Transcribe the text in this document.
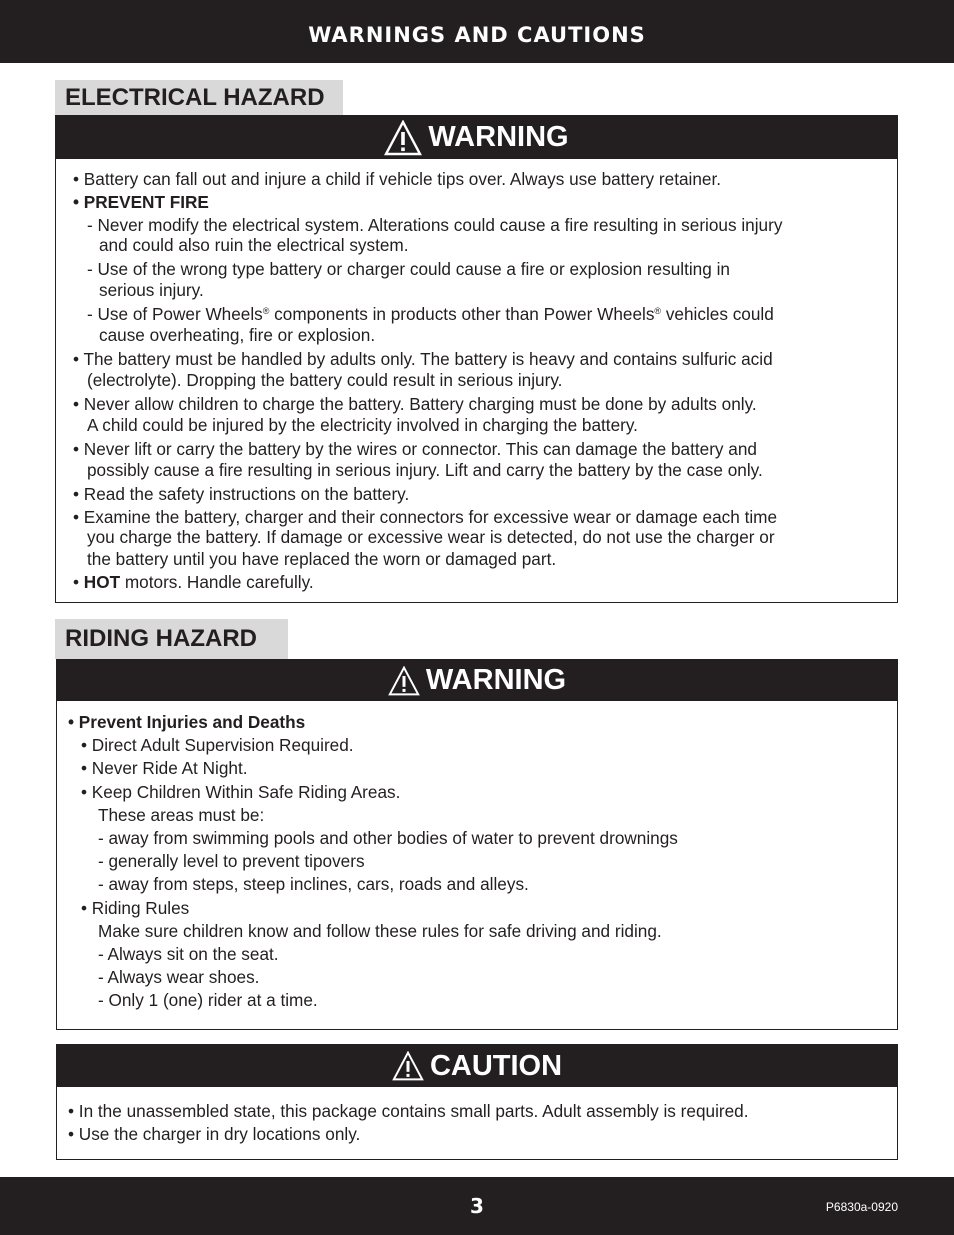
WARNINGS AND CAUTIONS
ELECTRICAL HAZARD
WARNING
• Battery can fall out and injure a child if vehicle tips over. Always use battery retainer.
• PREVENT FIRE
- Never modify the electrical system. Alterations could cause a fire resulting in serious injury
and could also ruin the electrical system.
- Use of the wrong type battery or charger could cause a fire or explosion resulting in
serious injury.
- Use of Power Wheels® components in products other than Power Wheels® vehicles could
cause overheating, fire or explosion.
• The battery must be handled by adults only. The battery is heavy and contains sulfuric acid
(electrolyte). Dropping the battery could result in serious injury.
• Never allow children to charge the battery. Battery charging must be done by adults only.
A child could be injured by the electricity involved in charging the battery.
• Never lift or carry the battery by the wires or connector. This can damage the battery and
possibly cause a fire resulting in serious injury. Lift and carry the battery by the case only.
• Read the safety instructions on the battery.
• Examine the battery, charger and their connectors for excessive wear or damage each time
you charge the battery. If damage or excessive wear is detected, do not use the charger or
the battery until you have replaced the worn or damaged part.
• HOT motors. Handle carefully.
RIDING HAZARD
WARNING
• Prevent Injuries and Deaths
• Direct Adult Supervision Required.
• Never Ride At Night.
• Keep Children Within Safe Riding Areas.
These areas must be:
- away from swimming pools and other bodies of water to prevent drownings
- generally level to prevent tipovers
- away from steps, steep inclines, cars, roads and alleys.
• Riding Rules
Make sure children know and follow these rules for safe driving and riding.
- Always sit on the seat.
- Always wear shoes.
- Only 1 (one) rider at a time.
CAUTION
• In the unassembled state, this package contains small parts. Adult assembly is required.
• Use the charger in dry locations only.
3	P6830a-0920
